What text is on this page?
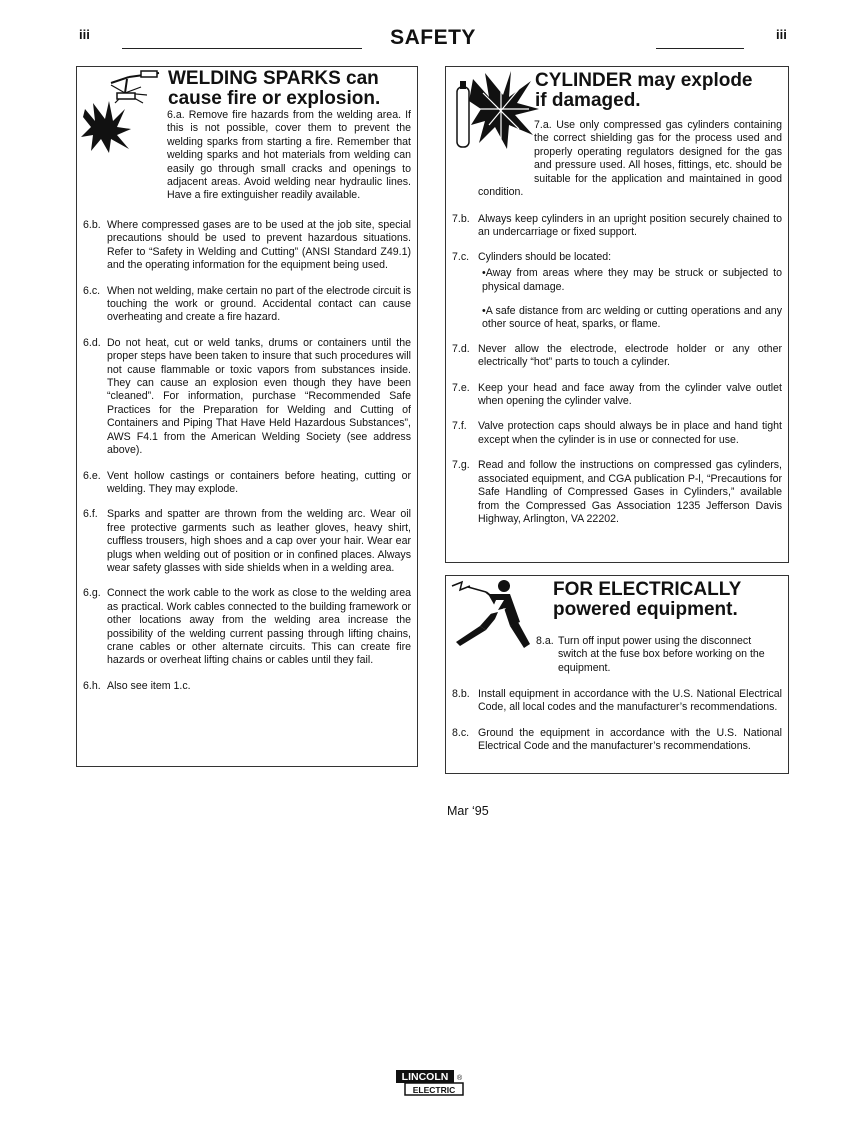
iii	SAFETY	iii
WELDING SPARKS can
cause fire or explosion.
6.a. Remove fire hazards from the welding area. If this is not possible, cover them to prevent the welding sparks from starting a fire. Remember that welding sparks and hot materials from welding can easily go through small cracks and openings to adjacent areas. Avoid welding near hydraulic lines. Have a fire extinguisher readily available.
6.b. Where compressed gases are to be used at the job site, special precautions should be used to prevent hazardous situations. Refer to “Safety in Welding and Cutting” (ANSI Standard Z49.1) and the operating information for the equipment being used.
6.c. When not welding, make certain no part of the electrode circuit is touching the work or ground. Accidental contact can cause overheating and create a fire hazard.
6.d. Do not heat, cut or weld tanks, drums or containers until the proper steps have been taken to insure that such procedures will not cause flammable or toxic vapors from substances inside. They can cause an explosion even though they have been “cleaned”. For information, purchase “Recommended Safe Practices for the Preparation for Welding and Cutting of Containers and Piping That Have Held Hazardous Substances”, AWS F4.1 from the American Welding Society (see address above).
6.e. Vent hollow castings or containers before heating, cutting or welding. They may explode.
6.f. Sparks and spatter are thrown from the welding arc. Wear oil free protective garments such as leather gloves, heavy shirt, cuffless trousers, high shoes and a cap over your hair. Wear ear plugs when welding out of position or in confined places. Always wear safety glasses with side shields when in a welding area.
6.g. Connect the work cable to the work as close to the welding area as practical. Work cables connected to the building framework or other locations away from the welding area increase the possibility of the welding current passing through lifting chains, crane cables or other alternate circuits. This can create fire hazards or overheat lifting chains or cables until they fail.
6.h. Also see item 1.c.
CYLINDER may explode
if damaged.
7.a. Use only compressed gas cylinders containing the correct shielding gas for the process used and properly operating regulators designed for the gas and pressure used. All hoses, fittings, etc. should be suitable for the application and maintained in good condition.
7.b. Always keep cylinders in an upright position securely chained to an undercarriage or fixed support.
7.c. Cylinders should be located:
•Away from areas where they may be struck or subjected to physical damage.
•A safe distance from arc welding or cutting operations and any other source of heat, sparks, or flame.
7.d. Never allow the electrode, electrode holder or any other electrically “hot” parts to touch a cylinder.
7.e. Keep your head and face away from the cylinder valve outlet when opening the cylinder valve.
7.f.	Valve protection caps should always be in place and hand tight except when the cylinder is in use or connected for use.
7.g. Read and follow the instructions on compressed gas cylinders, associated equipment, and CGA publication P-l, “Precautions for Safe Handling of Compressed Gases in Cylinders,” available from the Compressed Gas Association 1235 Jefferson Davis Highway, Arlington, VA 22202.
FOR ELECTRICALLY
powered equipment.
8.a. Turn off input power using the disconnect switch at the fuse box before working on the equipment.
8.b. Install equipment in accordance with the U.S. National Electrical Code, all local codes and the manufacturer’s recommendations.
8.c. Ground the equipment in accordance with the U.S. National Electrical Code and the manufacturer’s recommendations.
Mar ‘95
LINCOLN
ELECTRIC
®
